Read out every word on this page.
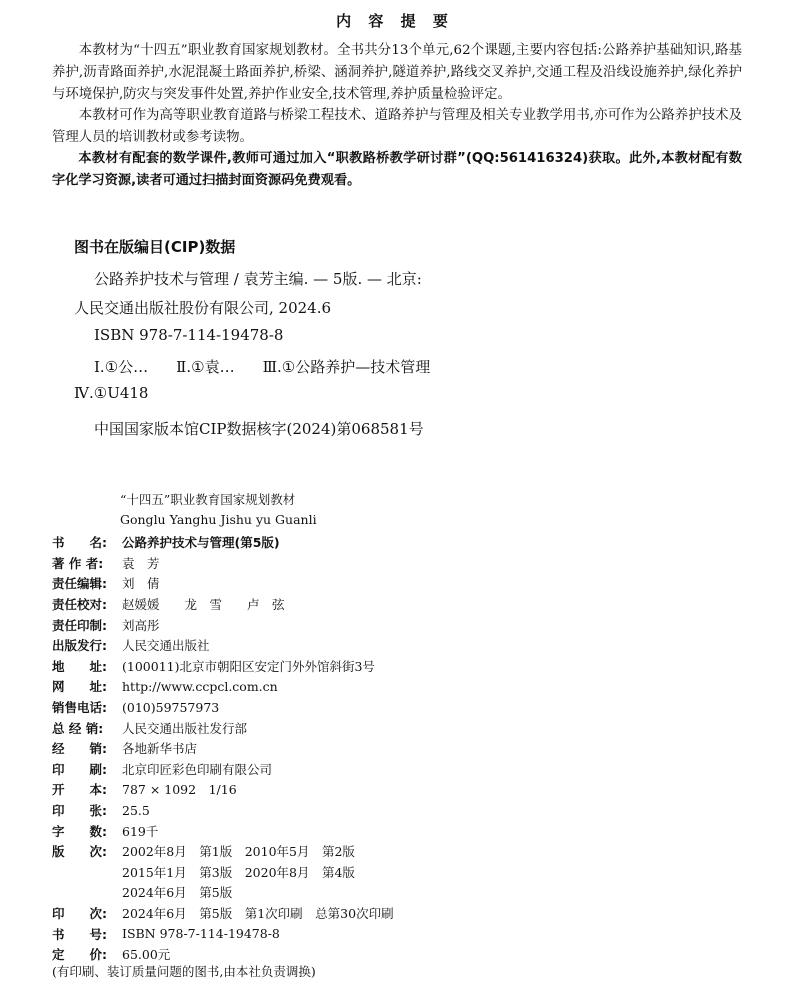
内 容 提 要

本教材为“十四五”职业教育国家规划教材。全书共分13个单元,62个课题,主要内容包括:公路养护基础知识,路基养护,沥青路面养护,水泥混凝土路面养护,桥梁、涵洞养护,隧道养护,路线交叉养护,交通工程及沿线设施养护,绿化养护与环境保护,防灾与突发事件处置,养护作业安全,技术管理,养护质量检验评定。

本教材可作为高等职业教育道路与桥梁工程技术、道路养护与管理及相关专业教学用书,亦可作为公路养护技术及管理人员的培训教材或参考读物。

本教材有配套的数学课件,教师可通过加入“职教路桥教学研讨群”(QQ:561416324)获取。此外,本教材配有数字化学习资源,读者可通过扫描封面资源码免费观看。

图书在版编目(CIP)数据

公路养护技术与管理 / 袁芳主编. — 5版. — 北京:

人民交通出版社股份有限公司, 2024.6

ISBN 978-7-114-19478-8

Ⅰ.①公… Ⅱ.①袁… Ⅲ.①公路养护—技术管理

Ⅳ.①U418

中国国家版本馆CIP数据核字(2024)第068581号

“十四五”职业教育国家规划教材
Gonglu Yanghu Jishu yu Guanli
书　　名:	公路养护技术与管理(第5版)
著 作 者:	袁　芳
责任编辑:	刘　倩
责任校对:	赵媛媛　　龙　雪　　卢　弦
责任印制:	刘高彤
出版发行:	人民交通出版社
地　　址:	(100011)北京市朝阳区安定门外外馆斜街3号
网　　址:	http://www.ccpcl.com.cn
销售电话:	(010)59757973
总 经 销:	人民交通出版社发行部
经　　销:	各地新华书店
印　　刷:	北京印匠彩色印刷有限公司
开　　本:	787 × 1092　1/16
印　　张:	25.5
字　　数:	619千
版　　次:	2002年8月　第1版　2010年5月　第2版
2015年1月　第3版　2020年8月　第4版
2024年6月　第5版
印　　次:	2024年6月　第5版　第1次印刷　总第30次印刷
书　　号:	ISBN 978-7-114-19478-8
定　　价:	65.00元
(有印刷、装订质量问题的图书,由本社负责调换)
